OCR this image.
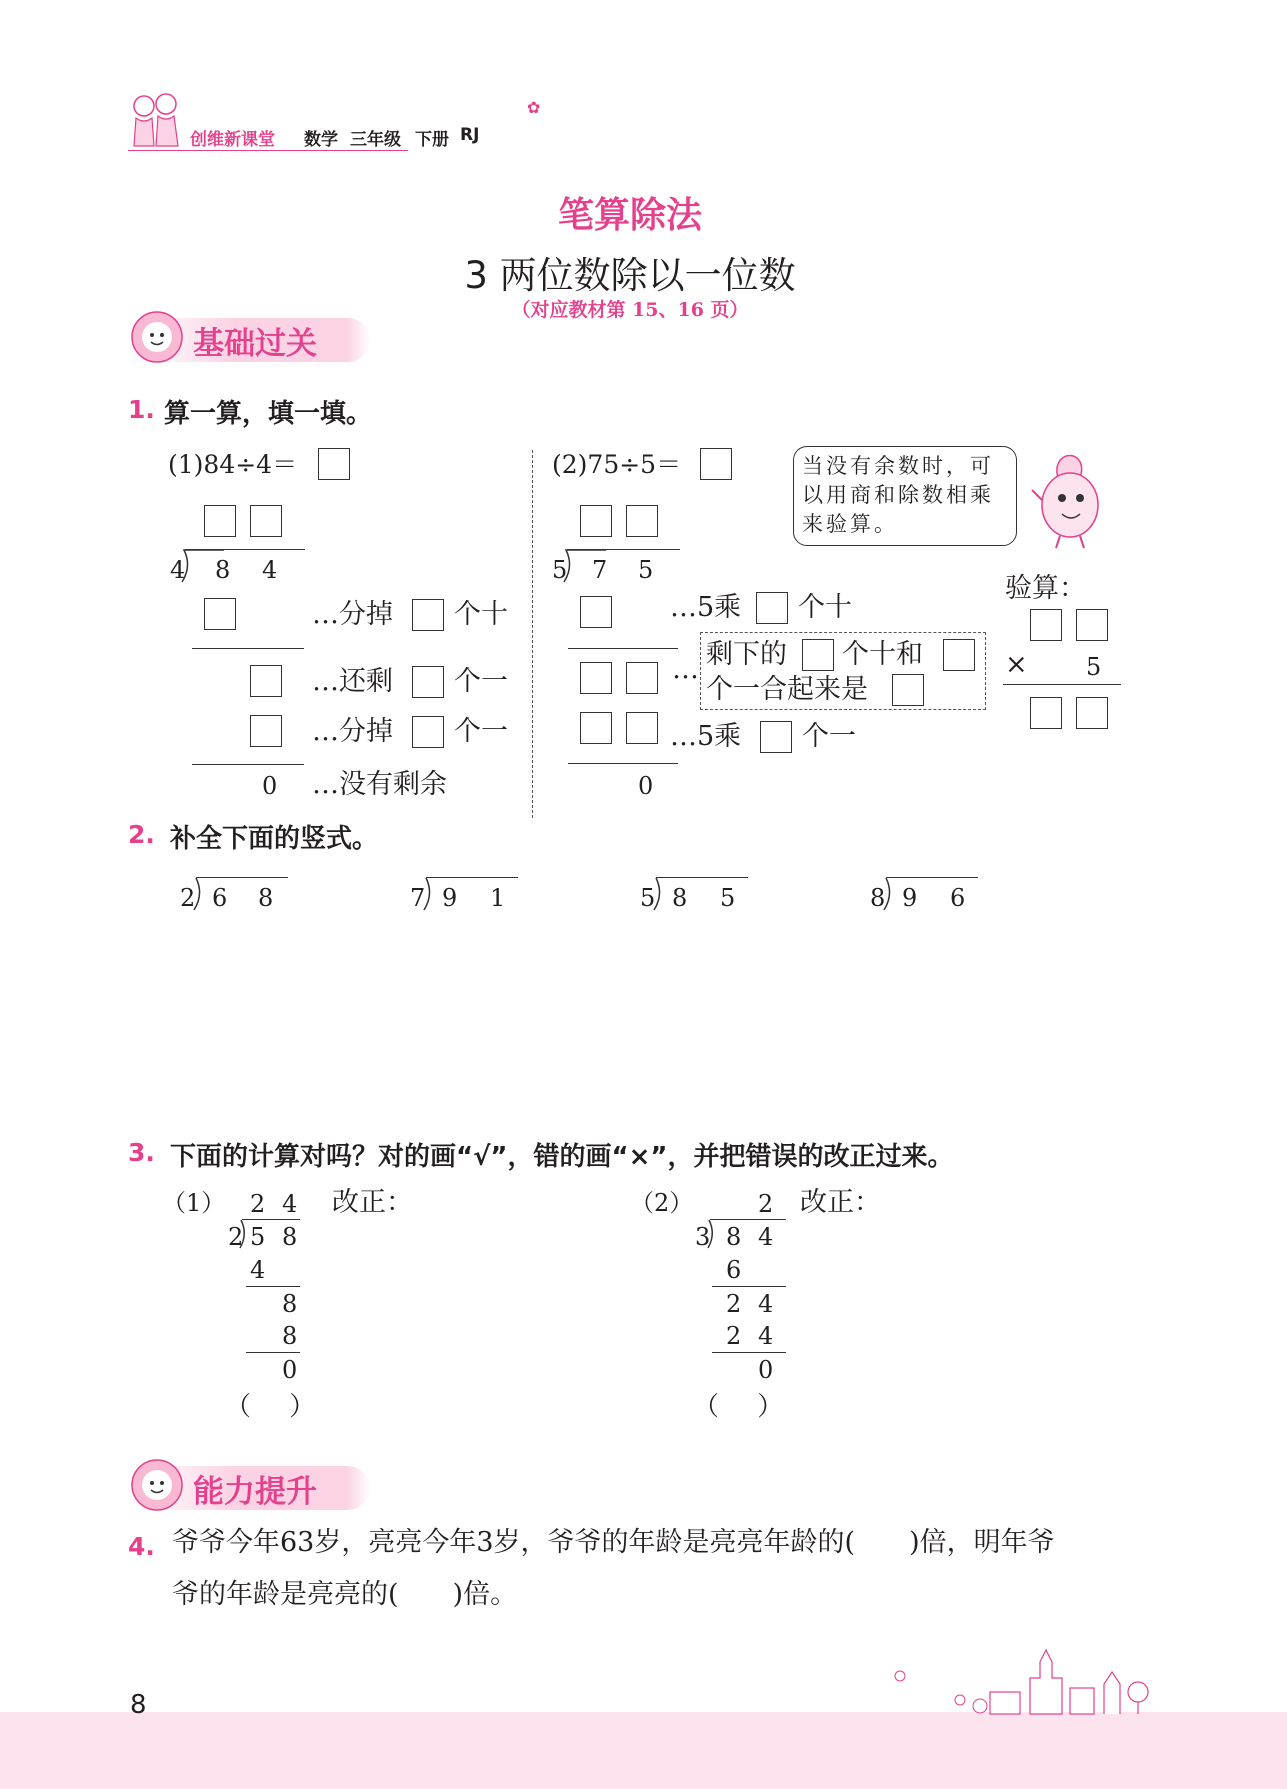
创维新课堂 数学 三年级 下册 RJ
✿
笔算除法
3 两位数除以一位数
（对应教材第 15、16 页）
基础过关
1. 算一算，填一填。
(1)84÷4＝
4 8 4
…分掉 个十
…还剩 个一
…分掉 个一
0 …没有剩余
(2)75÷5＝
5 7 5
…5乘 个十
… 剩下的 个十和
个一合起来是
…5乘 个一
0
当没有余数时，可以用商和除数相乘来验算。
验算：
× 5
2. 补全下面的竖式。
2 6 8	7 9 1	5 8 5	8 9 6
3. 下面的计算对吗？对的画“√”，错的画“×”，并把错误的改正过来。
（1） 2 4 改正：
2 5 8
4
8
8
0
（ ）
（2）	2 改正：
3 8 4
6
2 4
2 4
0
（ ）
能力提升
4. 爷爷今年63岁，亮亮今年3岁，爷爷的年龄是亮亮年龄的(　　)倍，明年爷
爷的年龄是亮亮的(　　)倍。
8
